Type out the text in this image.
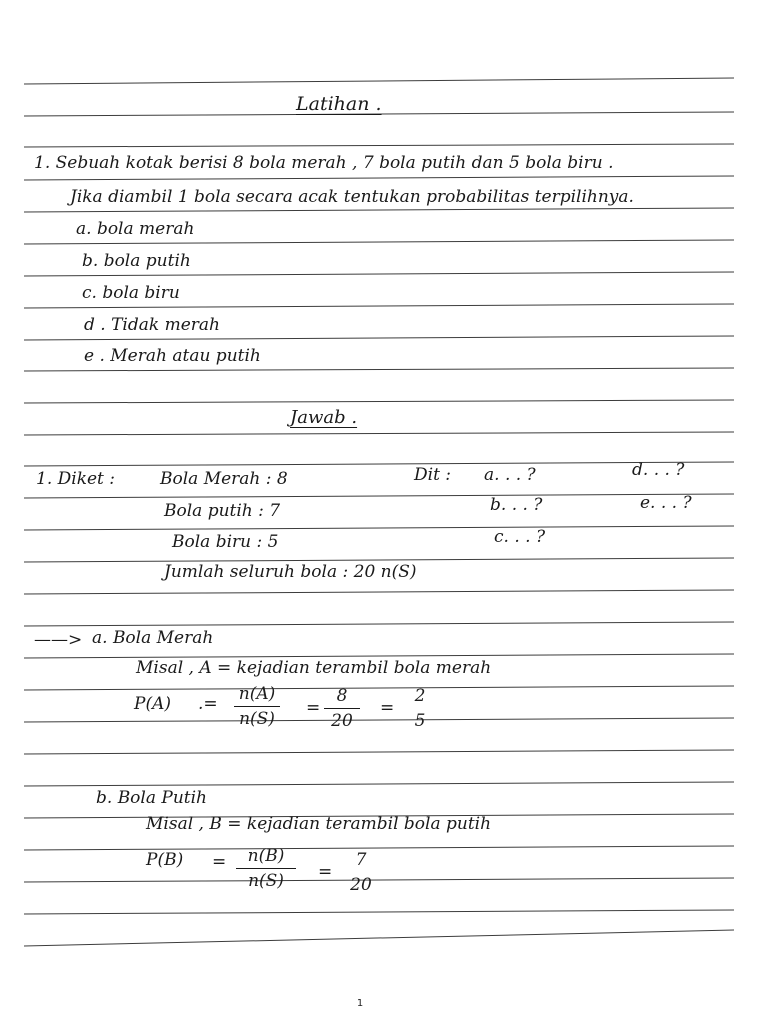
Latihan .
1. Sebuah kotak berisi 8 bola merah , 7 bola putih dan 5 bola biru .
Jika diambil 1 bola secara acak tentukan probabilitas terpilihnya.
a. bola merah
b. bola putih
c. bola biru
d . Tidak merah
e . Merah atau putih
Jawab .
1. Diket :	Bola Merah : 8
Bola putih : 7
Bola biru : 5
Jumlah seluruh bola : 20 n(S)
Dit : a. . . ?
b. . . ?
c. . . ?
d. . . ?
e. . . ?
——> a. Bola Merah
Misal , A = kejadian terambil bola merah
P(A) .= n(A)
n(S)
=
8
20
=
2
5
b. Bola Putih
Misal , B = kejadian terambil bola putih
P(B) =	n(B)
n(S)	=
7
20
1
